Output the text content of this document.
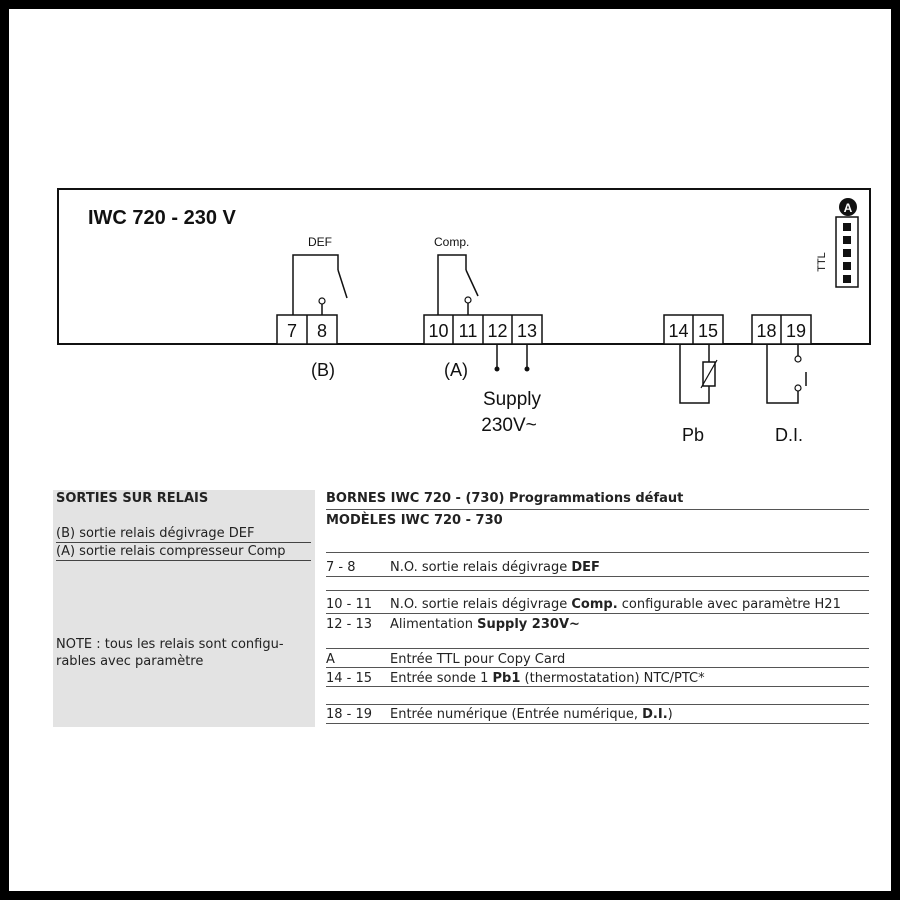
IWC 720 - 230 V
DEF	Comp.
7 8	10 11 12 13	14 15 18 19
A
TTL
(B)	(A)
Supply
230V~	Pb	D.I.
SORTIES SUR RELAIS
(B) sortie relais dégivrage DEF
(A) sortie relais compresseur Comp
NOTE : tous les relais sont configu-
rables avec paramètre
BORNES IWC 720 - (730) Programmations défaut
MODÈLES IWC 720 - 730
7 - 8	N.O. sortie relais dégivrage DEF
10 - 11 N.O. sortie relais dégivrage Comp. configurable avec paramètre H21
12 - 13 Alimentation Supply 230V~
A	Entrée TTL pour Copy Card
14 - 15 Entrée sonde 1 Pb1 (thermostatation) NTC/PTC*
18 - 19 Entrée numérique (Entrée numérique, D.I.)
